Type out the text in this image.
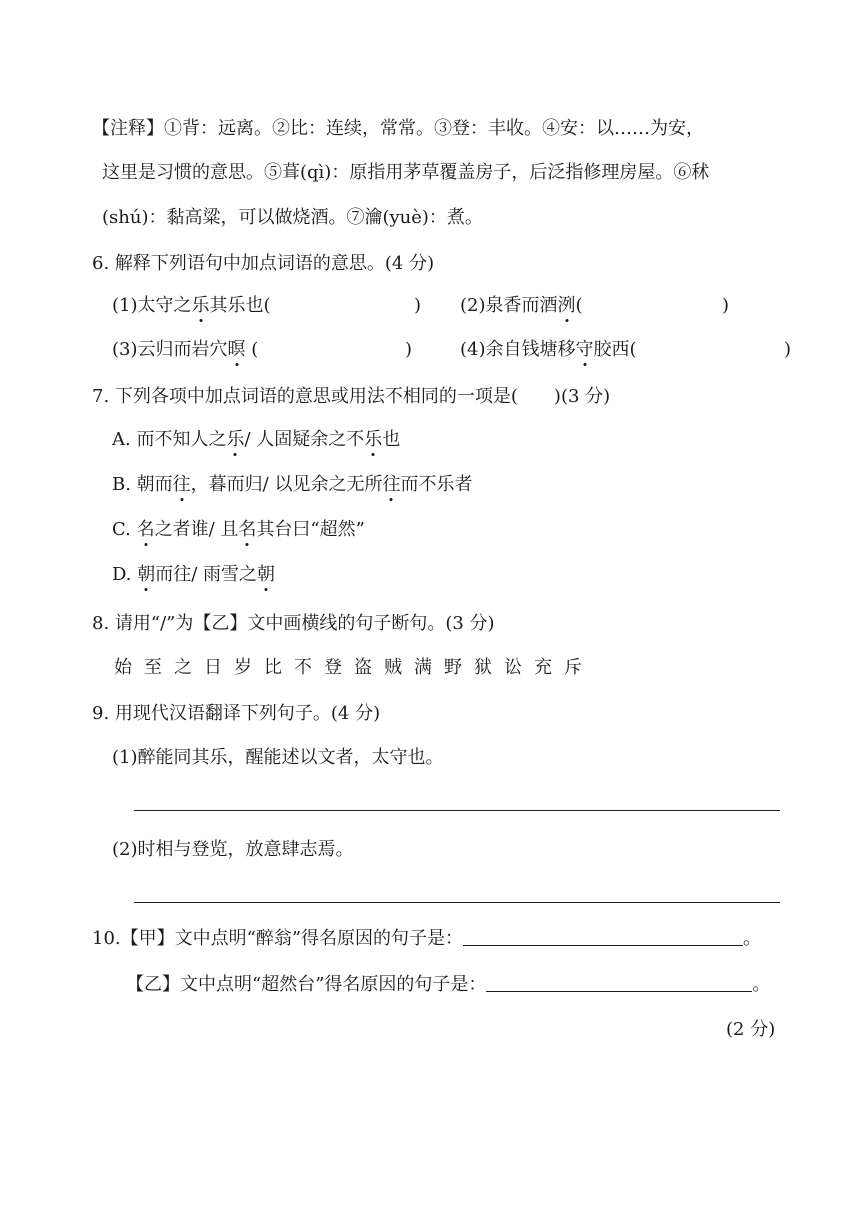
【注释】①背：远离。②比：连续，常常。③登：丰收。④安：以……为安，
这里是习惯的意思。⑤葺(qì)：原指用茅草覆盖房子，后泛指修理房屋。⑥秫
(shú)：黏高粱，可以做烧酒。⑦瀹(yuè)：煮。
6. 解释下列语句中加点词语的意思。(4 分)
(1)太守之乐其乐也(	) (2)泉香而酒洌(	)
(3)云归而岩穴暝 (	)	(4)余自钱塘移守胶西(	)
7. 下列各项中加点词语的意思或用法不相同的一项是(　　)(3 分)
A. 而不知人之乐/ 人固疑余之不乐也
B. 朝而往，暮而归/ 以见余之无所往而不乐者
C. 名之者谁/ 且名其台曰“超然”
D. 朝而往/ 雨雪之朝
8. 请用“/”为【乙】文中画横线的句子断句。(3 分)
始至之日岁比不登盗贼满野狱讼充斥
9. 用现代汉语翻译下列句子。(4 分)
(1)醉能同其乐，醒能述以文者，太守也。
(2)时相与登览，放意肆志焉。
10.【甲】文中点明“醉翁”得名原因的句子是：	。
【乙】文中点明“超然台”得名原因的句子是：	。
(2 分)
